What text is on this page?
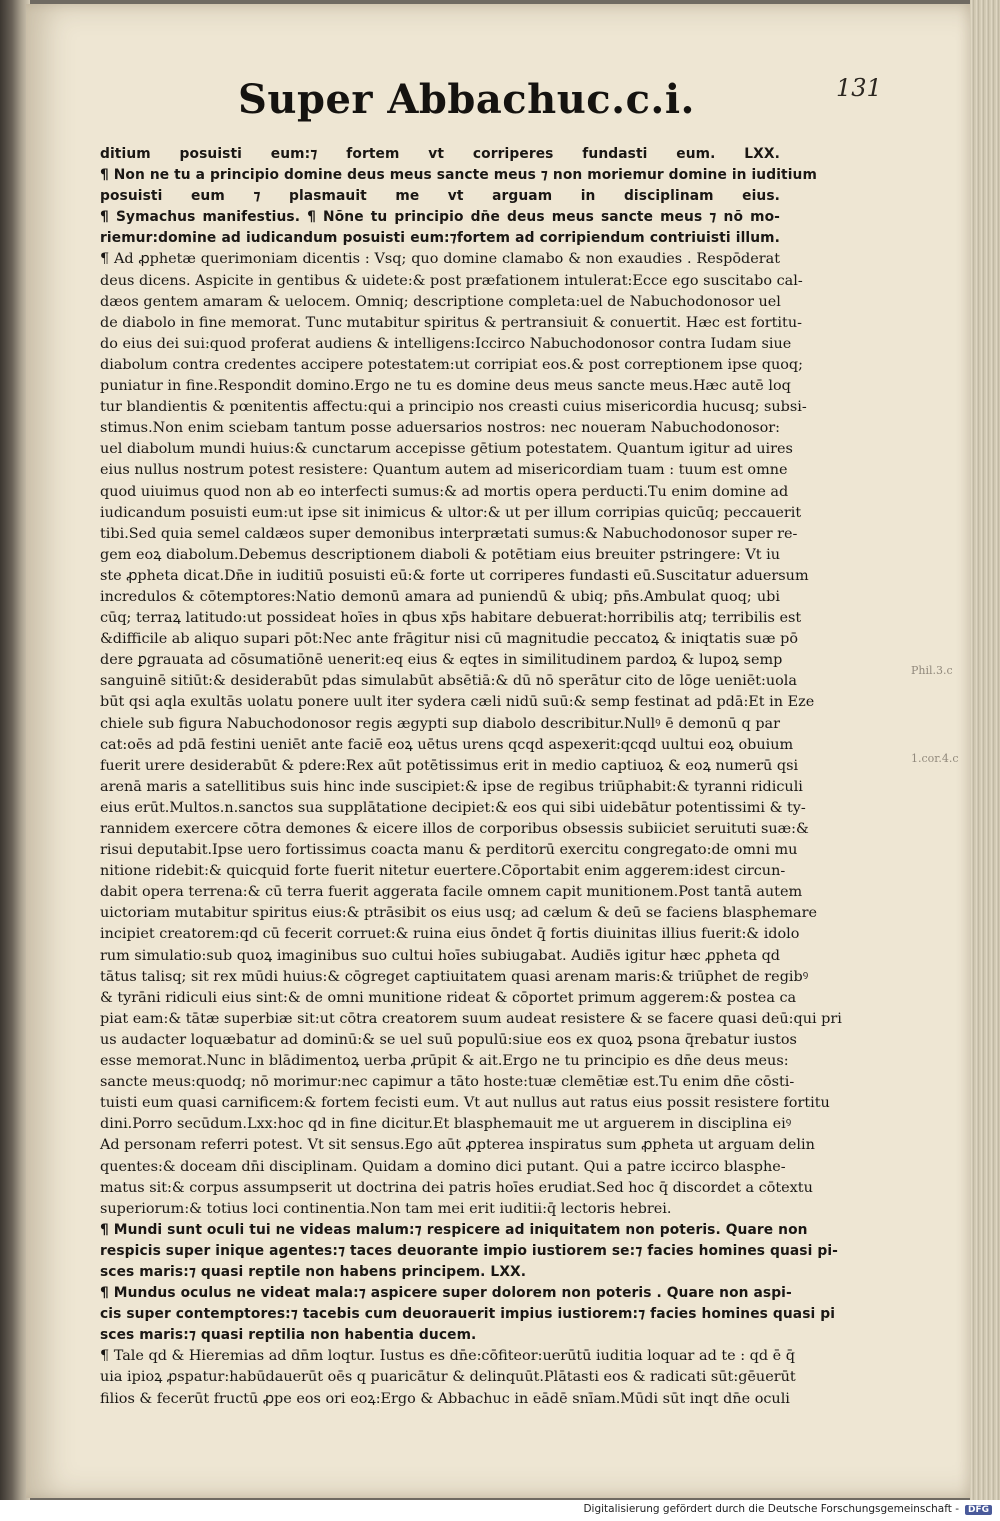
131
Super Abbachuc.c.i.
Phil.3.c
1.cor.4.c
ditium posuisti eum:⁊ fortem vt corriperes fundasti eum. LXX.
¶ Non ne tu a principio domine deus meus sancte meus ⁊ non moriemur domine in iuditium
posuisti eum ⁊ plasmauit me vt arguam in disciplinam eius.
¶ Symachus manifestius. ¶ Nōne tu principio dn̄e deus meus sancte meus ⁊ nō mo-
riemur:domine ad iudicandum posuisti eum:⁊fortem ad corripiendum contriuisti illum.
¶ Ad ꝓphetæ querimoniam dicentis : Vsq; quo domine clamabo & non exaudies . Respōderat
deus dicens. Aspicite in gentibus & uidete:& post præfationem intulerat:Ecce ego suscitabo cal-
dæos gentem amaram & uelocem. Omniq; descriptione completa:uel de Nabuchodonosor uel
de diabolo in fine memorat. Tunc mutabitur spiritus & pertransiuit & conuertit. Hæc est fortitu-
do eius dei sui:quod proferat audiens & intelligens:Iccirco Nabuchodonosor contra Iudam siue
diabolum contra credentes accipere potestatem:ut corripiat eos.& post correptionem ipse quoq;
puniatur in fine.Respondit domino.Ergo ne tu es domine deus meus sancte meus.Hæc autē loq
tur blandientis & pœnitentis affectu:qui a principio nos creasti cuius misericordia hucusq; subsi-
stimus.Non enim sciebam tantum posse aduersarios nostros: nec noueram Nabuchodonosor:
uel diabolum mundi huius:& cunctarum accepisse gētium potestatem. Quantum igitur ad uires
eius nullus nostrum potest resistere: Quantum autem ad misericordiam tuam : tuum est omne
quod uiuimus quod non ab eo interfecti sumus:& ad mortis opera perducti.Tu enim domine ad
iudicandum posuisti eum:ut ipse sit inimicus & ultor:& ut per illum corripias quicūq; peccauerit
tibi.Sed quia semel caldæos super demonibus interprætati sumus:& Nabuchodonosor super re-
gem eoꝝ diabolum.Debemus descriptionem diaboli & potētiam eius breuiter pstringere: Vt iu
ste ꝓpheta dicat.Dn̄e in iuditiū posuisti eū:& forte ut corriperes fundasti eū.Suscitatur aduersum
incredulos & cōtemptores:Natio demonū amara ad puniendū & ubiq; pn̄s.Ambulat quoq; ubi
cūq; terraꝝ latitudo:ut possideat hoīes in qbus xp̄s habitare debuerat:horribilis atq; terribilis est
&difficile ab aliquo supari pōt:Nec ante frāgitur nisi cū magnitudie peccatoꝝ & iniqtatis suæ pō
dere ꝑgrauata ad cōsumatiōnē uenerit:eq eius & eqtes in similitudinem pardoꝝ & lupoꝝ semp
sanguinē sitiūt:& desiderabūt pdas simulabūt absētiā:& dū nō sperātur cito de lōge ueniēt:uola
būt qsi aqla exultās uolatu ponere uult iter sydera cæli nidū suū:& semp festinat ad pdā:Et in Eze
chiele sub figura Nabuchodonosor regis ægypti sup diabolo describitur.Nullꝰ ē demonū q par
cat:oēs ad pdā festini ueniēt ante faciē eoꝝ uētus urens qcqd aspexerit:qcqd uultui eoꝝ obuium
fuerit urere desiderabūt & pdere:Rex aūt potētissimus erit in medio captiuoꝝ & eoꝝ numerū qsi
arenā maris a satellitibus suis hinc inde suscipiet:& ipse de regibus triūphabit:& tyranni ridiculi
eius erūt.Multos.n.sanctos sua supplātatione decipiet:& eos qui sibi uidebātur potentissimi & ty-
rannidem exercere cōtra demones & eicere illos de corporibus obsessis subiiciet seruituti suæ:&
risui deputabit.Ipse uero fortissimus coacta manu & perditorū exercitu congregato:de omni mu
nitione ridebit:& quicquid forte fuerit nitetur euertere.Cōportabit enim aggerem:idest circun-
dabit opera terrena:& cū terra fuerit aggerata facile omnem capit munitionem.Post tantā autem
uictoriam mutabitur spiritus eius:& ptrāsibit os eius usq; ad cælum & deū se faciens blasphemare
incipiet creatorem:qd cū fecerit corruet:& ruina eius ōndet q̄ fortis diuinitas illius fuerit:& idolo
rum simulatio:sub quoꝝ imaginibus suo cultui hoīes subiugabat. Audiēs igitur hæc ꝓpheta qd
tātus talisq; sit rex mūdi huius:& cōgreget captiuitatem quasi arenam maris:& triūphet de regibꝰ
& tyrāni ridiculi eius sint:& de omni munitione rideat & cōportet primum aggerem:& postea ca
piat eam:& tātæ superbiæ sit:ut cōtra creatorem suum audeat resistere & se facere quasi deū:qui pri
us audacter loquæbatur ad dominū:& se uel suū populū:siue eos ex quoꝝ psona q̄rebatur iustos
esse memorat.Nunc in blādimentoꝝ uerba ꝓrūpit & ait.Ergo ne tu principio es dn̄e deus meus:
sancte meus:quodq; nō morimur:nec capimur a tāto hoste:tuæ clemētiæ est.Tu enim dn̄e cōsti-
tuisti eum quasi carnificem:& fortem fecisti eum. Vt aut nullus aut ratus eius possit resistere fortitu
dini.Porro secūdum.Lxx:hoc qd in fine dicitur.Et blasphemauit me ut arguerem in disciplina eiꝰ
Ad personam referri potest. Vt sit sensus.Ego aūt ꝓpterea inspiratus sum ꝓpheta ut arguam delin
quentes:& doceam dn̄i disciplinam. Quidam a domino dici putant. Qui a patre iccirco blasphe-
matus sit:& corpus assumpserit ut doctrina dei patris hoīes erudiat.Sed hoc q̄ discordet a cōtextu
superiorum:& totius loci continentia.Non tam mei erit iuditii:q̄ lectoris hebrei.
¶ Mundi sunt oculi tui ne videas malum:⁊ respicere ad iniquitatem non poteris. Quare non
respicis super inique agentes:⁊ taces deuorante impio iustiorem se:⁊ facies homines quasi pi-
sces maris:⁊ quasi reptile non habens principem. LXX.
¶ Mundus oculus ne videat mala:⁊ aspicere super dolorem non poteris . Quare non aspi-
cis super contemptores:⁊ tacebis cum deuorauerit impius iustiorem:⁊ facies homines quasi pi
sces maris:⁊ quasi reptilia non habentia ducem.
¶ Tale qd & Hieremias ad dn̄m loqtur. Iustus es dn̄e:cōfiteor:uerūtū iuditia loquar ad te : qd ē q̄
uia ipioꝝ ꝓspatur:habūdauerūt oēs q puaricātur & delinquūt.Plātasti eos & radicati sūt:gēuerūt
filios & fecerūt fructū ꝓpe eos ori eoꝝ:Ergo & Abbachuc in eādē snīam.Mūdi sūt inqt dn̄e oculi
Digitalisierung gefördert durch die Deutsche Forschungsgemeinschaft - DFG
